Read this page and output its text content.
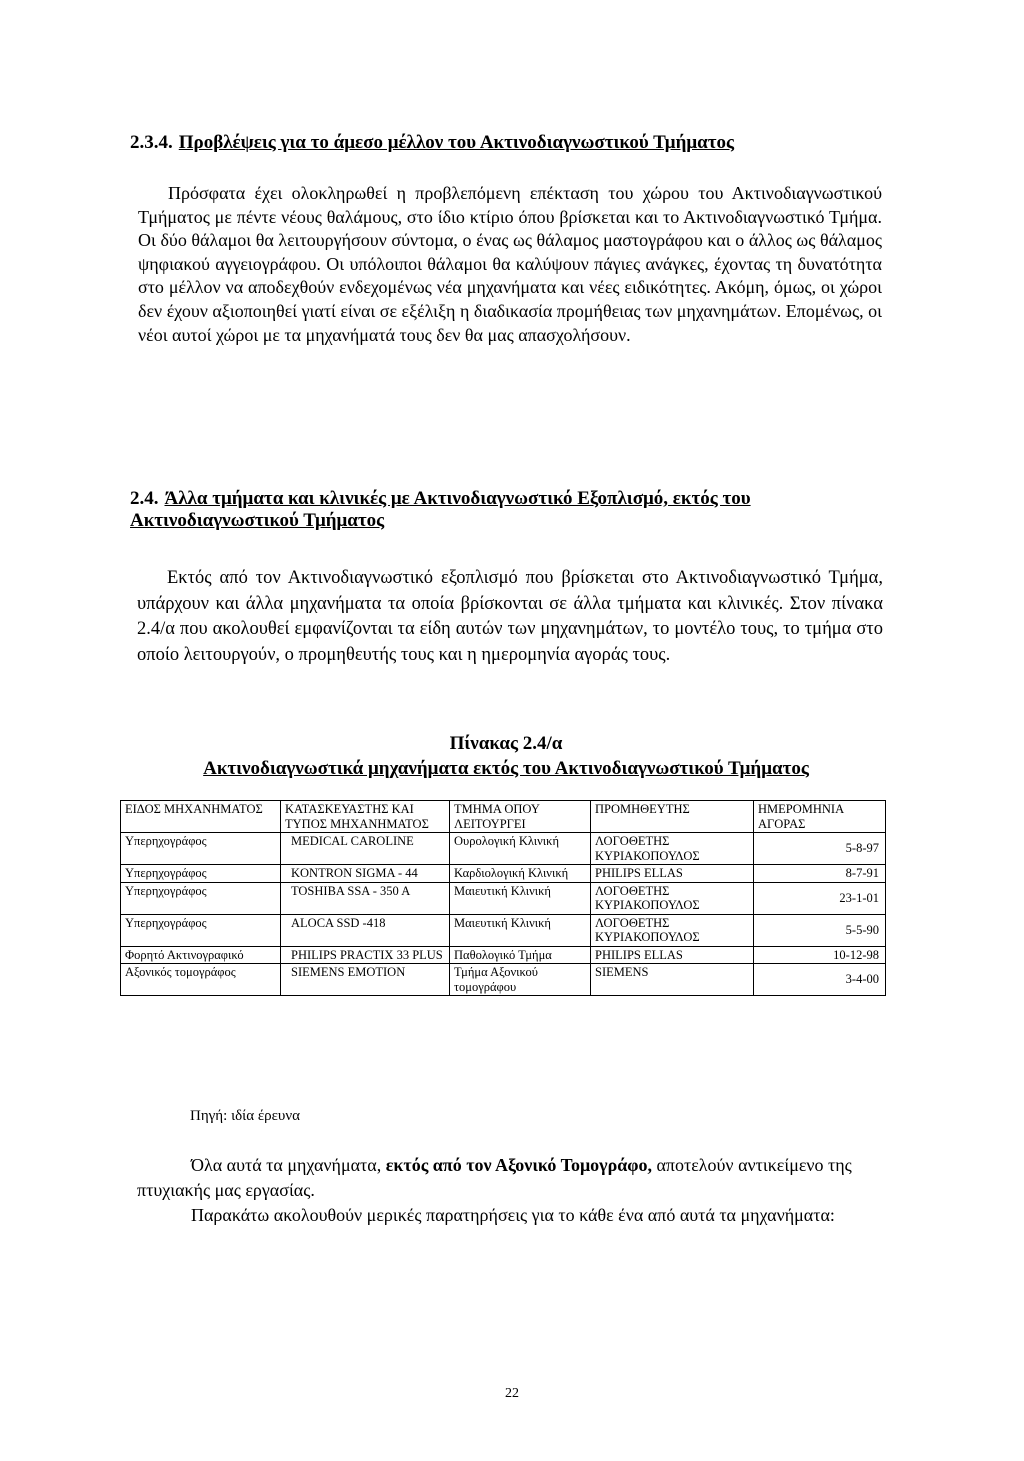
2.3.4. Προβλέψεις για το άμεσο μέλλον του Ακτινοδιαγνωστικού Τμήματος

Πρόσφατα έχει ολοκληρωθεί η προβλεπόμενη επέκταση του χώρου του Ακτινοδιαγνωστικού Τμήματος με πέντε νέους θαλάμους, στο ίδιο κτίριο όπου βρίσκεται και το Ακτινοδιαγνωστικό Τμήμα. Οι δύο θάλαμοι θα λειτουργήσουν σύντομα, ο ένας ως θάλαμος μαστογράφου και ο άλλος ως θάλαμος ψηφιακού αγγειογράφου. Οι υπόλοιποι θάλαμοι θα καλύψουν πάγιες ανάγκες, έχοντας τη δυνατότητα στο μέλλον να αποδεχθούν ενδεχομένως νέα μηχανήματα και νέες ειδικότητες. Ακόμη, όμως, οι χώροι δεν έχουν αξιοποιηθεί γιατί είναι σε εξέλιξη η διαδικασία προμήθειας των μηχανημάτων. Επομένως, οι νέοι αυτοί χώροι με τα μηχανήματά τους δεν θα μας απασχολήσουν.

2.4. Άλλα τμήματα και κλινικές με Ακτινοδιαγνωστικό Εξοπλισμό, εκτός του Ακτινοδιαγνωστικού Τμήματος

Εκτός από τον Ακτινοδιαγνωστικό εξοπλισμό που βρίσκεται στο Ακτινοδιαγνωστικό Τμήμα, υπάρχουν και άλλα μηχανήματα τα οποία βρίσκονται σε άλλα τμήματα και κλινικές. Στον πίνακα 2.4/α που ακολουθεί εμφανίζονται τα είδη αυτών των μηχανημάτων, το μοντέλο τους, το τμήμα στο οποίο λειτουργούν, ο προμηθευτής τους και η ημερομηνία αγοράς τους.

Πίνακας 2.4/α
Ακτινοδιαγνωστικά μηχανήματα εκτός του Ακτινοδιαγνωστικού Τμήματος
ΕΙΔΟΣ ΜΗΧΑΝΗΜΑΤΟΣ	ΚΑΤΑΣΚΕΥΑΣΤΗΣ ΚΑΙ ΤΥΠΟΣ ΜΗΧΑΝΗΜΑΤΟΣ	ΤΜΗΜΑ ΟΠΟΥ ΛΕΙΤΟΥΡΓΕΙ	ΠΡΟΜΗΘΕΥΤΗΣ	ΗΜΕΡΟΜΗΝΙΑ ΑΓΟΡΑΣ
Υπερηχογράφος	MEDICAL CAROLINE	Ουρολογική Κλινική	ΛΟΓΟΘΕΤΗΣ ΚΥΡΙΑΚΟΠΟΥΛΟΣ	5-8-97
Υπερηχογράφος	KONTRON SIGMA - 44	Καρδιολογική Κλινική	PHILIPS ELLAS	8-7-91
Υπερηχογράφος	TOSHIBA SSA - 350 A	Μαιευτική Κλινική	ΛΟΓΟΘΕΤΗΣ ΚΥΡΙΑΚΟΠΟΥΛΟΣ	23-1-01
Υπερηχογράφος	ALOCA SSD -418	Μαιευτική Κλινική	ΛΟΓΟΘΕΤΗΣ ΚΥΡΙΑΚΟΠΟΥΛΟΣ	5-5-90
Φορητό Ακτινογραφικό	PHILIPS PRACTIX 33 PLUS	Παθολογικό Τμήμα	PHILIPS ELLAS	10-12-98
Αξονικός τομογράφος	SIEMENS EMOTION	Τμήμα Αξονικού τομογράφου	SIEMENS	3-4-00
Πηγή: ιδία έρευνα

Όλα αυτά τα μηχανήματα, εκτός από τον Αξονικό Τομογράφο, αποτελούν αντικείμενο της πτυχιακής μας εργασίας.

Παρακάτω ακολουθούν μερικές παρατηρήσεις για το κάθε ένα από αυτά τα μηχανήματα:

22
